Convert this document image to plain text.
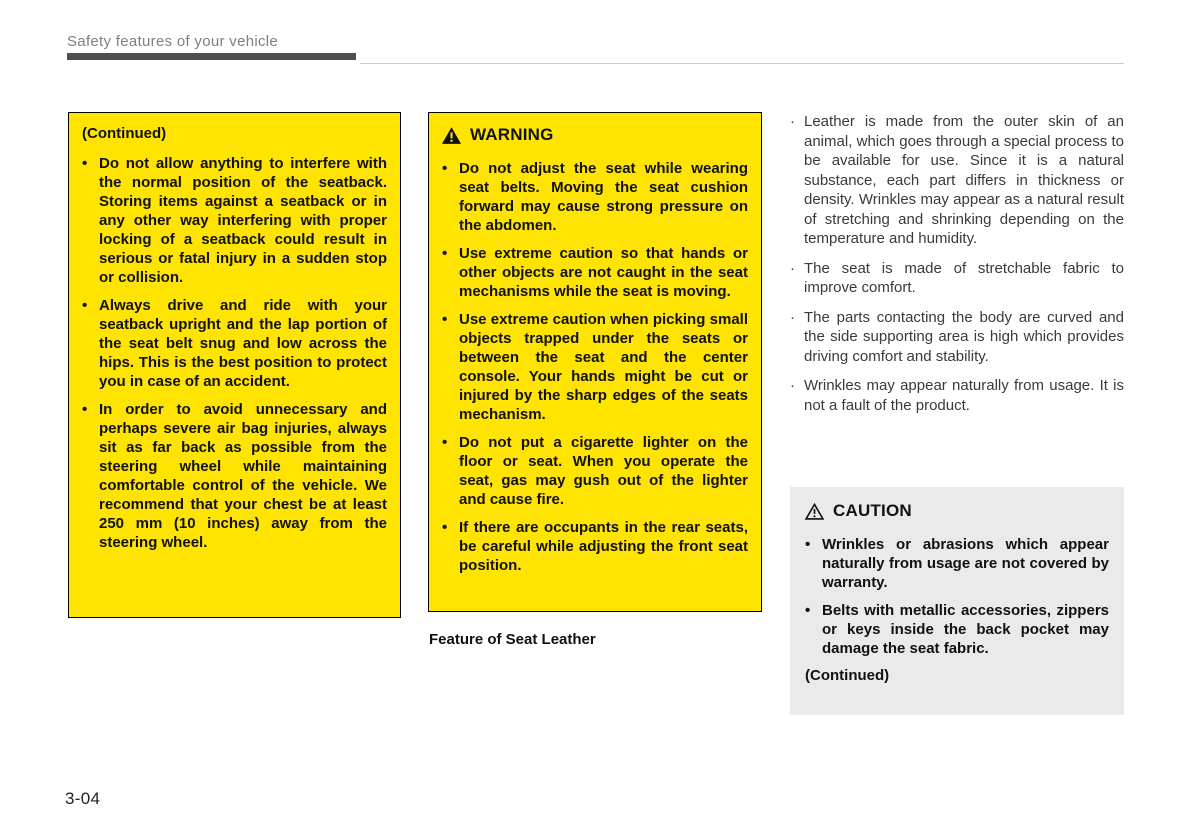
Safety features of your vehicle
(Continued)
• Do not allow anything to interfere with the normal position of the seatback. Storing items against a seatback or in any other way interfering with proper locking of a seatback could result in serious or fatal injury in a sudden stop or collision.
• Always drive and ride with your seatback upright and the lap portion of the seat belt snug and low across the hips. This is the best position to protect you in case of an accident.
• In order to avoid unnecessary and perhaps severe air bag injuries, always sit as far back as possible from the steering wheel while maintaining comfortable control of the vehicle. We recommend that your chest be at least 250 mm (10 inches) away from the steering wheel.
WARNING
• Do not adjust the seat while wearing seat belts. Moving the seat cushion forward may cause strong pressure on the abdomen.
• Use extreme caution so that hands or other objects are not caught in the seat mechanisms while the seat is moving.
• Use extreme caution when picking small objects trapped under the seats or between the seat and the center console. Your hands might be cut or injured by the sharp edges of the seats mechanism.
• Do not put a cigarette lighter on the floor or seat. When you operate the seat, gas may gush out of the lighter and cause fire.
• If there are occupants in the rear seats, be careful while adjusting the front seat position.
Feature of Seat Leather
· Leather is made from the outer skin of an animal, which goes through a special process to be available for use. Since it is a natural substance, each part differs in thickness or density. Wrinkles may appear as a natural result of stretching and shrinking depending on the temperature and humidity.
· The seat is made of stretchable fabric to improve comfort.
· The parts contacting the body are curved and the side supporting area is high which provides driving comfort and stability.
· Wrinkles may appear naturally from usage. It is not a fault of the product.
CAUTION
• Wrinkles or abrasions which appear naturally from usage are not covered by warranty.
• Belts with metallic accessories, zippers or keys inside the back pocket may damage the seat fabric.
(Continued)
3-04
